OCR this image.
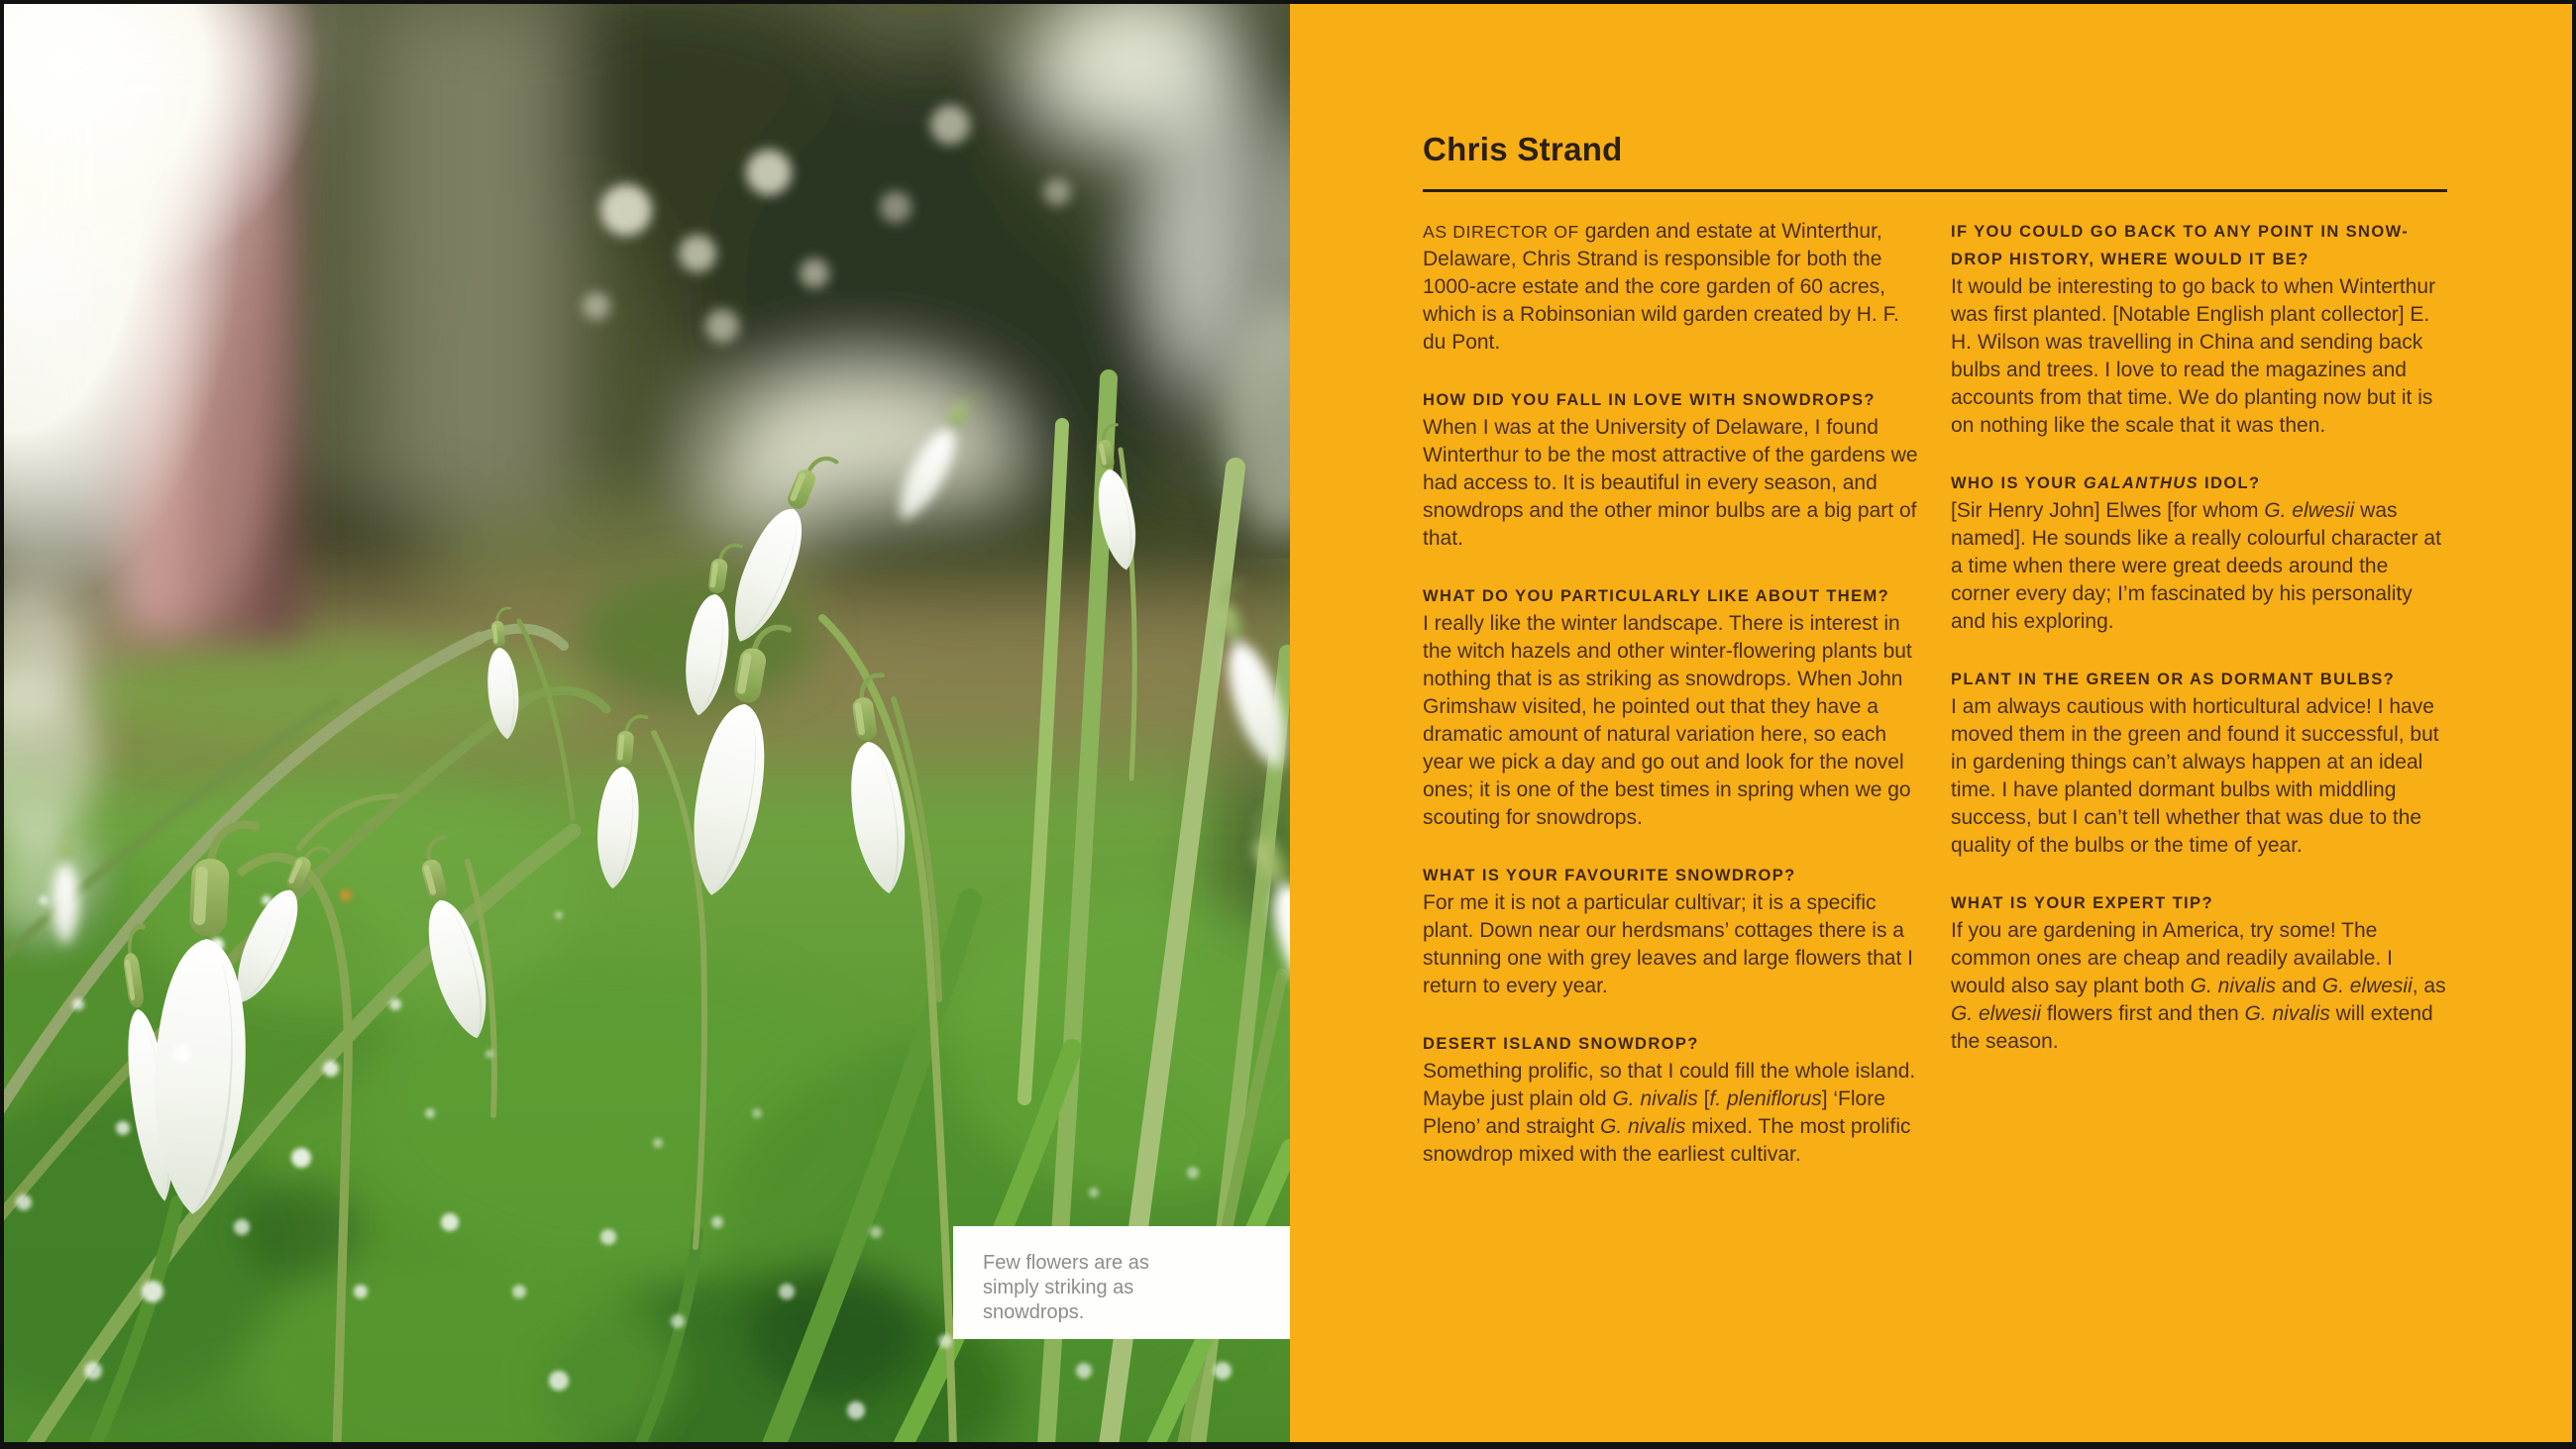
Few flowers are as
simply striking as
snowdrops.
Chris Strand

AS DIRECTOR OF garden and estate at Winterthur, Delaware, Chris Strand is responsible for both the 1000-acre estate and the core garden of 60 acres, which is a Robinsonian wild garden created by H. F. du Pont.

HOW DID YOU FALL IN LOVE WITH SNOWDROPS?

When I was at the University of Delaware, I found Winterthur to be the most attractive of the gardens we had access to. It is beautiful in every season, and snowdrops and the other minor bulbs are a big part of that.

WHAT DO YOU PARTICULARLY LIKE ABOUT THEM?

I really like the winter landscape. There is interest in the witch hazels and other winter-flowering plants but nothing that is as striking as snowdrops. When John Grimshaw visited, he pointed out that they have a dramatic amount of natural variation here, so each year we pick a day and go out and look for the novel ones; it is one of the best times in spring when we go scouting for snowdrops.

WHAT IS YOUR FAVOURITE SNOWDROP?

For me it is not a particular cultivar; it is a specific plant. Down near our herdsmans’ cottages there is a stunning one with grey leaves and large flowers that I return to every year.

DESERT ISLAND SNOWDROP?

Something prolific, so that I could fill the whole island. Maybe just plain old G. nivalis [f. pleniflorus] ‘Flore Pleno’ and straight G. nivalis mixed. The most prolific snowdrop mixed with the earliest cultivar.

IF YOU COULD GO BACK TO ANY POINT IN SNOW-
DROP HISTORY, WHERE WOULD IT BE?

It would be interesting to go back to when Winterthur was first planted. [Notable English plant collector] E. H. Wilson was travelling in China and sending back bulbs and trees. I love to read the magazines and accounts from that time. We do planting now but it is on nothing like the scale that it was then.

WHO IS YOUR GALANTHUS IDOL?

[Sir Henry John] Elwes [for whom G. elwesii was named]. He sounds like a really colourful character at a time when there were great deeds around the corner every day; I’m fascinated by his personality and his exploring.

PLANT IN THE GREEN OR AS DORMANT BULBS?

I am always cautious with horticultural advice! I have moved them in the green and found it successful, but in gardening things can’t always happen at an ideal time. I have planted dormant bulbs with middling success, but I can’t tell whether that was due to the quality of the bulbs or the time of year.

WHAT IS YOUR EXPERT TIP?

If you are gardening in America, try some! The common ones are cheap and readily available. I would also say plant both G. nivalis and G. elwesii, as G. elwesii flowers first and then G. nivalis will extend the season.
